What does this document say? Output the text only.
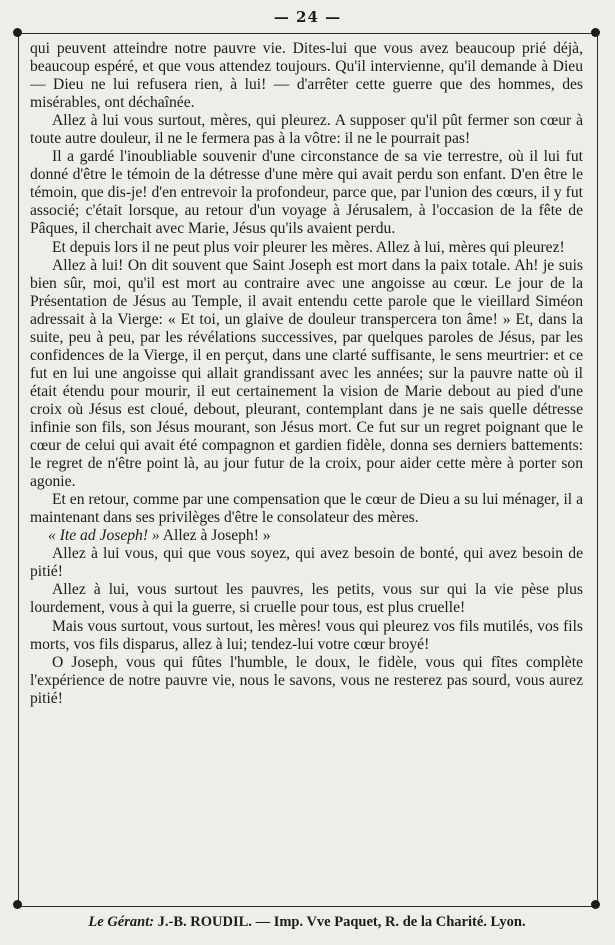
— 24 —

qui peuvent atteindre notre pauvre vie. Dites-lui que vous avez beaucoup prié déjà, beaucoup espéré, et que vous attendez toujours. Qu'il intervienne, qu'il demande à Dieu — Dieu ne lui refusera rien, à lui! — d'arrêter cette guerre que des hommes, des misérables, ont déchaînée.

Allez à lui vous surtout, mères, qui pleurez. A supposer qu'il pût fermer son cœur à toute autre douleur, il ne le fermera pas à la vôtre: il ne le pourrait pas!

Il a gardé l'inoubliable souvenir d'une circonstance de sa vie terrestre, où il lui fut donné d'être le témoin de la détresse d'une mère qui avait perdu son enfant. D'en être le témoin, que dis-je! d'en entrevoir la profondeur, parce que, par l'union des cœurs, il y fut associé; c'était lorsque, au retour d'un voyage à Jérusalem, à l'occasion de la fête de Pâques, il cherchait avec Marie, Jésus qu'ils avaient perdu.

Et depuis lors il ne peut plus voir pleurer les mères. Allez à lui, mères qui pleurez!

Allez à lui! On dit souvent que Saint Joseph est mort dans la paix totale. Ah! je suis bien sûr, moi, qu'il est mort au contraire avec une angoisse au cœur. Le jour de la Présentation de Jésus au Temple, il avait entendu cette parole que le vieillard Siméon adressait à la Vierge: « Et toi, un glaive de douleur transpercera ton âme! » Et, dans la suite, peu à peu, par les révélations successives, par quelques paroles de Jésus, par les confidences de la Vierge, il en perçut, dans une clarté suffisante, le sens meurtrier: et ce fut en lui une angoisse qui allait grandissant avec les années; sur la pauvre natte où il était étendu pour mourir, il eut certainement la vision de Marie debout au pied d'une croix où Jésus est cloué, debout, pleurant, contemplant dans je ne sais quelle détresse infinie son fils, son Jésus mourant, son Jésus mort. Ce fut sur un regret poignant que le cœur de celui qui avait été compagnon et gardien fidèle, donna ses derniers battements: le regret de n'être point là, au jour futur de la croix, pour aider cette mère à porter son agonie.

Et en retour, comme par une compensation que le cœur de Dieu a su lui ménager, il a maintenant dans ses privilèges d'être le consolateur des mères.

« Ite ad Joseph! » Allez à Joseph! »

Allez à lui vous, qui que vous soyez, qui avez besoin de bonté, qui avez besoin de pitié!

Allez à lui, vous surtout les pauvres, les petits, vous sur qui la vie pèse plus lourdement, vous à qui la guerre, si cruelle pour tous, est plus cruelle!

Mais vous surtout, vous surtout, les mères! vous qui pleurez vos fils mutilés, vos fils morts, vos fils disparus, allez à lui; tendez-lui votre cœur broyé!

O Joseph, vous qui fûtes l'humble, le doux, le fidèle, vous qui fîtes complète l'expérience de notre pauvre vie, nous le savons, vous ne resterez pas sourd, vous aurez pitié!

Le Gérant: J.-B. ROUDIL. — Imp. Vve Paquet, R. de la Charité. Lyon.
